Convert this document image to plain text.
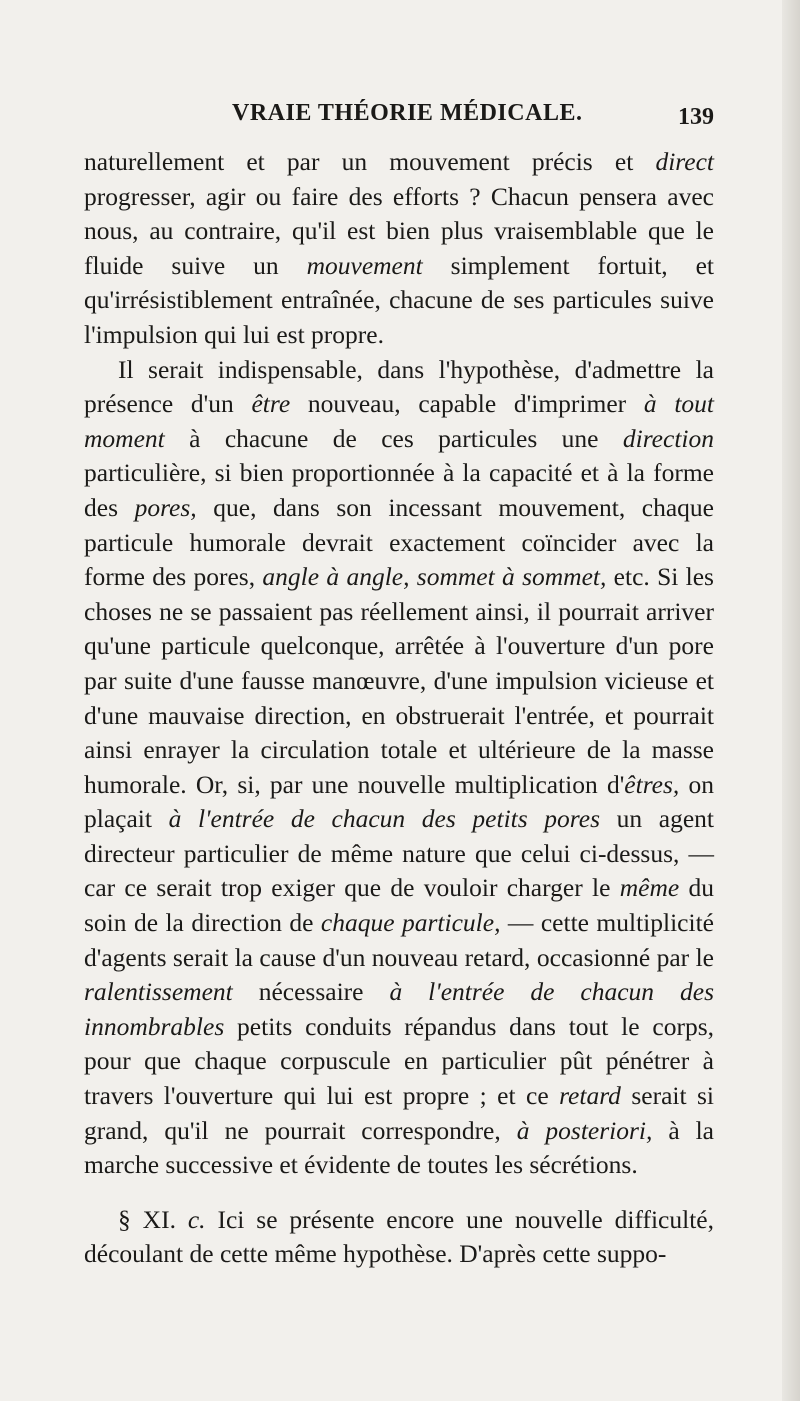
VRAIE THÉORIE MÉDICALE.	139

naturellement et par un mouvement précis et direct progresser, agir ou faire des efforts ? Chacun pensera avec nous, au contraire, qu'il est bien plus vraisemblable que le fluide suive un mouvement simplement fortuit, et qu'irrésistiblement entraînée, chacune de ses particules suive l'impulsion qui lui est propre.

Il serait indispensable, dans l'hypothèse, d'admettre la présence d'un être nouveau, capable d'imprimer à tout moment à chacune de ces particules une direction particulière, si bien proportionnée à la capacité et à la forme des pores, que, dans son incessant mouvement, chaque particule humorale devrait exactement coïncider avec la forme des pores, angle à angle, sommet à sommet, etc. Si les choses ne se passaient pas réellement ainsi, il pourrait arriver qu'une particule quelconque, arrêtée à l'ouverture d'un pore par suite d'une fausse manœuvre, d'une impulsion vicieuse et d'une mauvaise direction, en obstruerait l'entrée, et pourrait ainsi enrayer la circulation totale et ultérieure de la masse humorale. Or, si, par une nouvelle multiplication d'êtres, on plaçait à l'entrée de chacun des petits pores un agent directeur particulier de même nature que celui ci-dessus, — car ce serait trop exiger que de vouloir charger le même du soin de la direction de chaque particule, — cette multiplicité d'agents serait la cause d'un nouveau retard, occasionné par le ralentissement nécessaire à l'entrée de chacun des innombrables petits conduits répandus dans tout le corps, pour que chaque corpuscule en particulier pût pénétrer à travers l'ouverture qui lui est propre ; et ce retard serait si grand, qu'il ne pourrait correspondre, à posteriori, à la marche successive et évidente de toutes les sécrétions.

§ XI. c. Ici se présente encore une nouvelle difficulté, découlant de cette même hypothèse. D'après cette suppo-
